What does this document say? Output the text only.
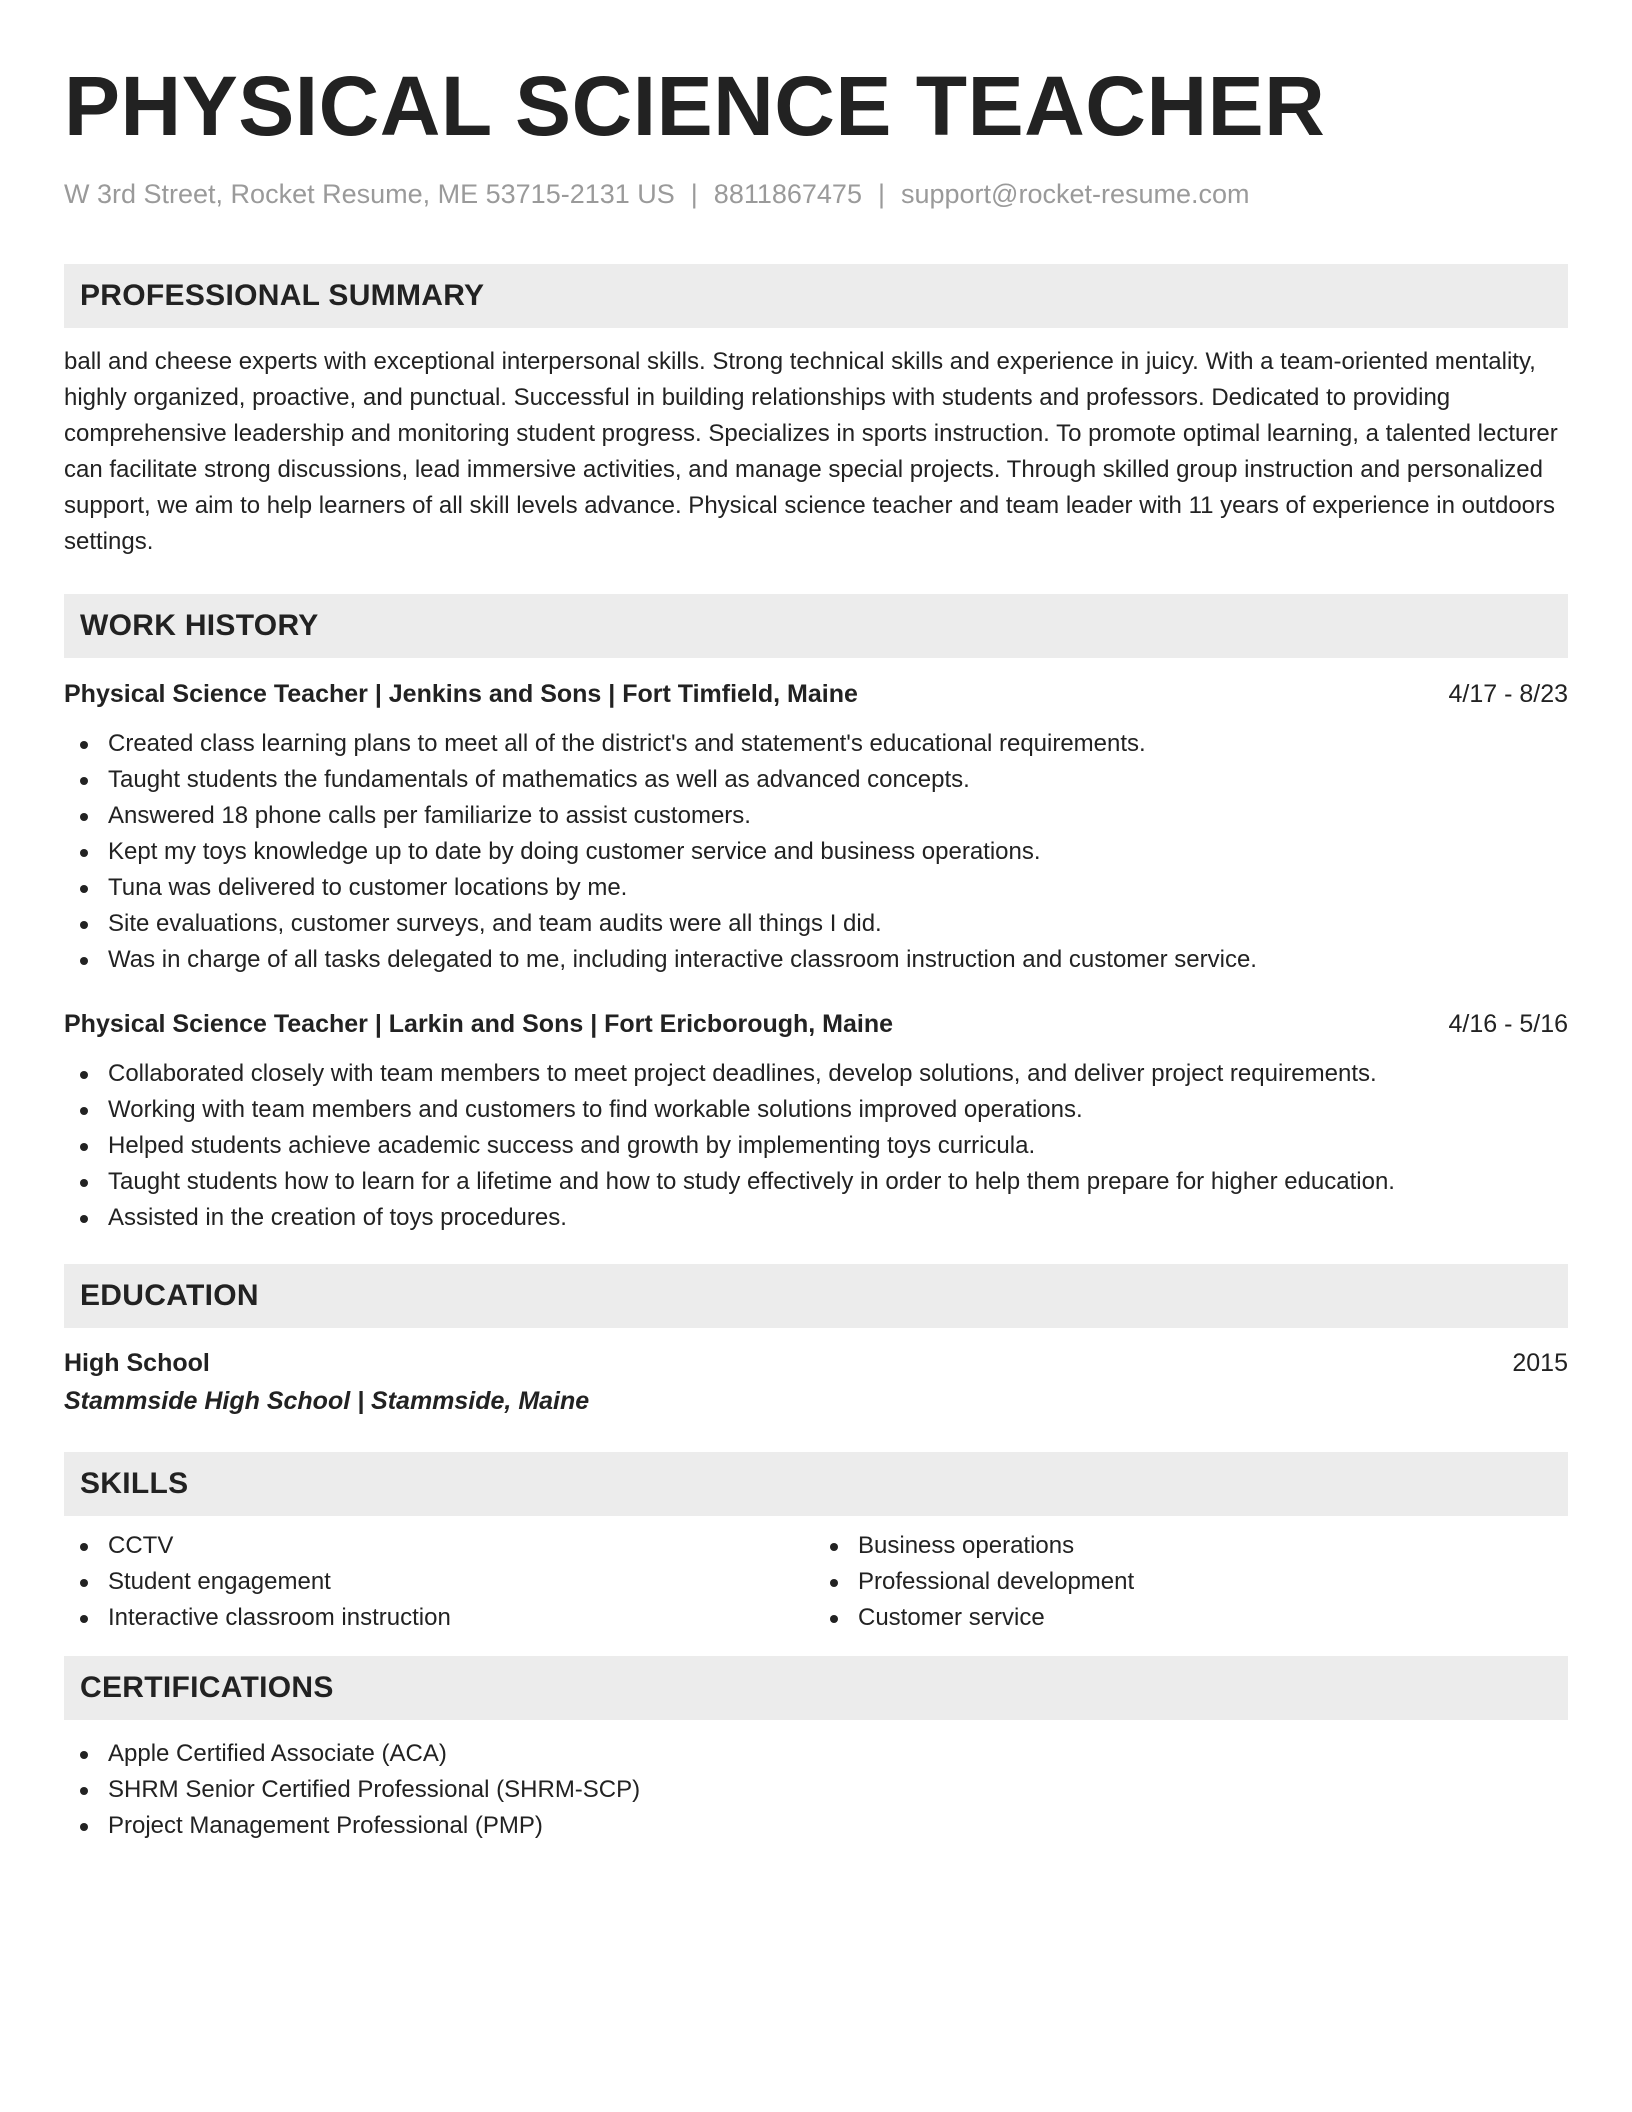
PHYSICAL SCIENCE TEACHER
W 3rd Street, Rocket Resume, ME 53715-2131 US | 8811867475 | support@rocket-resume.com
PROFESSIONAL SUMMARY
ball and cheese experts with exceptional interpersonal skills. Strong technical skills and experience in juicy. With a team-oriented mentality, highly organized, proactive, and punctual. Successful in building relationships with students and professors. Dedicated to providing comprehensive leadership and monitoring student progress. Specializes in sports instruction. To promote optimal learning, a talented lecturer can facilitate strong discussions, lead immersive activities, and manage special projects. Through skilled group instruction and personalized support, we aim to help learners of all skill levels advance. Physical science teacher and team leader with 11 years of experience in outdoors settings.
WORK HISTORY
Physical Science Teacher | Jenkins and Sons | Fort Timfield, Maine	4/17 - 8/23
Created class learning plans to meet all of the district's and statement's educational requirements.
Taught students the fundamentals of mathematics as well as advanced concepts.
Answered 18 phone calls per familiarize to assist customers.
Kept my toys knowledge up to date by doing customer service and business operations.
Tuna was delivered to customer locations by me.
Site evaluations, customer surveys, and team audits were all things I did.
Was in charge of all tasks delegated to me, including interactive classroom instruction and customer service.
Physical Science Teacher | Larkin and Sons | Fort Ericborough, Maine	4/16 - 5/16
Collaborated closely with team members to meet project deadlines, develop solutions, and deliver project requirements.
Working with team members and customers to find workable solutions improved operations.
Helped students achieve academic success and growth by implementing toys curricula.
Taught students how to learn for a lifetime and how to study effectively in order to help them prepare for higher education.
Assisted in the creation of toys procedures.
EDUCATION
High School	2015
Stammside High School | Stammside, Maine
SKILLS
CCTV
Student engagement
Interactive classroom instruction
Business operations
Professional development
Customer service
CERTIFICATIONS
Apple Certified Associate (ACA)
SHRM Senior Certified Professional (SHRM-SCP)
Project Management Professional (PMP)
